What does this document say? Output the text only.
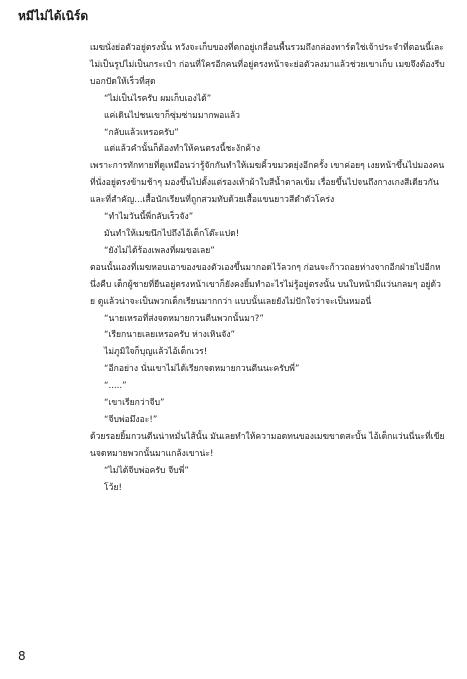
หมีไม่ได้เนิร์ด

เมฆนั่งย่อตัวอยู่ตรงนั้น หวังจะเก็บของที่ตกอยู่เกลื่อนพื้นรวมถึงกล่องทาร์ตใช่เจ้าประจำที่ตอนนี้เละไม่เป็นรูปไม่เป็นกระเป๋า ก่อนที่ใครอีกคนที่อยู่ตรงหน้าจะย่อตัวลงมาแล้วช่วยเขาเก็บ เมฆจึงต้องรีบบอกปัดให้เร็วที่สุด

“ไม่เป็นไรครับ ผมเก็บเองได้”

แค่เดินไปชนเขาก็ซุ่มซ่ามมากพอแล้ว

“กลับแล้วเหรอครับ”

แต่แล้วคำนั้นก็ต้องทำให้คนตรงนี้ชะงักค้าง

เพราะการทักทายที่ดูเหมือนว่ารู้จักกันทำให้เมฆคิ้วขมวดยุ่งอีกครั้ง เขาค่อยๆ เงยหน้าขึ้นไปมองคนที่นั่งอยู่ตรงข้ามช้าๆ มองขึ้นไปตั้งแต่รองเท้าผ้าใบสีน้ำตาลเข้ม เรื่อยขึ้นไปจนถึงกางเกงสีเดียวกัน และที่สำคัญ...เสื้อนักเรียนที่ถูกสวมทับด้วยเสื้อแขนยาวสีดำตัวโคร่ง

“ทำไมวันนี้พี่กลับเร็วจัง”

มันทำให้เมฆนึกไปถึงไอ้เด็กโต๊ะแปด!

“ยังไม่ได้ร้องเพลงที่ผมขอเลย”

ตอนนั้นเองที่เมฆหอบเอาของของตัวเองขึ้นมากอดไว้ลวกๆ ก่อนจะก้าวถอยห่างจากอีกฝ่ายไปอีกหนึ่งคืบ เด็กผู้ชายที่ยืนอยู่ตรงหน้าเขาก็ยังคงยิ้มทำอะไรไม่รู้อยู่ตรงนั้น บนใบหน้ามีแว่นกลมๆ อยู่ด้วย ดูแล้วน่าจะเป็นพวกเด็กเรียนมากกว่า แบบนั้นเลยยังไม่ปักใจว่าจะเป็นหมอนี่

“นายเหรอที่ส่งจดหมายกวนตีนพวกนั้นมา?”

“เรียกนายเลยเหรอครับ ห่างเหินจัง”

ไม่ภูมิใจก็บุญแล้วไอ้เด็กเวร!

“อีกอย่าง นั่นเขาไม่ได้เรียกจดหมายกวนตีนนะครับพี่”

“.....”

“เขาเรียกว่าจีบ”

“จีบพ่อมึงอะ!”

ด้วยรอยยิ้มกวนตีนน่าหมั่นไส้นั้น มันเลยทำให้ความอดทนของเมฆขาดสะบั้น ไอ้เด็กแว่นนี่นะที่เขียนจดหมายพวกนั้นมาแกล้งเขาน่ะ!

“ไม่ได้จีบพ่อครับ จีบพี่”

โว้ย!

8
